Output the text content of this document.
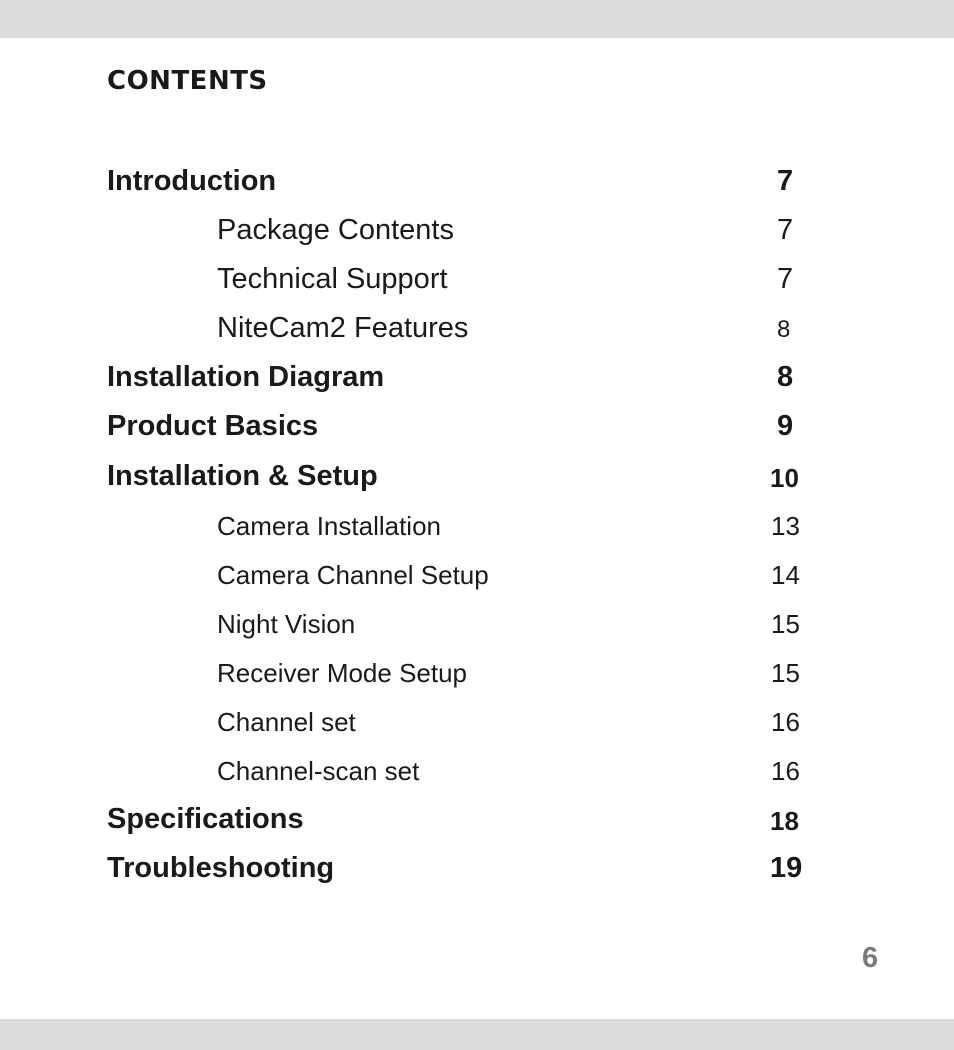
CONTENTS
Introduction	7
Package Contents	7
Technical Support	7
NiteCam2 Features	8
Installation Diagram	8
Product Basics	9
Installation & Setup	10
Camera Installation	13
Camera Channel Setup	14
Night Vision	15
Receiver Mode Setup	15
Channel set	16
Channel-scan set	16
Specifications	18
Troubleshooting	19
6
